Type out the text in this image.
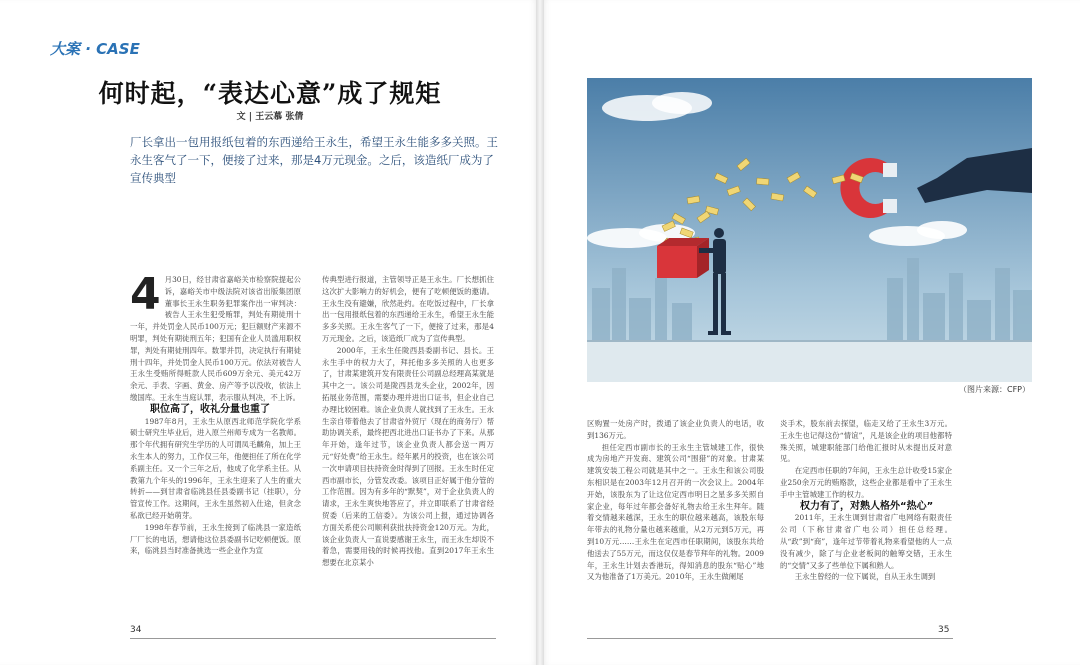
大案 · CASE
何时起，“表达心意”成了规矩
文 | 王云慕 张倩
厂长拿出一包用报纸包着的东西递给王永生，希望王永生能多多关照。王永生客气了一下，便接了过来，那是4万元现金。之后，该造纸厂成为了宣传典型
4 月30日，经甘肃省嘉峪关市检察院提起公诉，嘉峪关市中级法院对该省出版集团原董事长王永生职务犯罪案作出一审判决：被告人王永生犯受贿罪，判处有期徒刑十一年，并处罚金人民币100万元；犯巨额财产来源不明罪，判处有期徒刑五年；犯国有企业人员滥用职权罪，判处有期徒刑四年。数罪并罚，决定执行有期徒刑十四年，并处罚金人民币100万元。依法对被告人王永生受贿所得赃款人民币609万余元、美元42万余元、手表、字画、黄金、房产等予以没收，依法上缴国库。王永生当庭认罪，表示服从判决，不上诉。

职位高了，收礼分量也重了

1987年8月，王永生从原西北师范学院化学系硕士研究生毕业后，进入原兰州师专成为一名教师。那个年代拥有研究生学历的人可谓凤毛麟角，加上王永生本人的努力，工作仅三年，他便担任了所在化学系副主任。又一个三年之后，他成了化学系主任。从教第九个年头的1996年，王永生迎来了人生的重大转折——到甘肃省临洮县任县委副书记（挂职），分管宣传工作。这期间，王永生虽然初入仕途，但贪念私欲已经开始萌芽。

1998年春节前，王永生接到了临洮县一家造纸厂厂长的电话，想请他这位县委副书记吃顿便饭。原来，临洮县当时准备挑选一些企业作为宣

传典型进行报道，主管领导正是王永生。厂长想抓住这次扩大影响力的好机会，便有了吃顿便饭的邀请。王永生没有避嫌，欣然赴约。在吃饭过程中，厂长拿出一包用报纸包着的东西递给王永生，希望王永生能多多关照。王永生客气了一下，便接了过来，那是4万元现金。之后，该造纸厂成为了宣传典型。

2000年，王永生任陇西县委副书记、县长。王永生手中的权力大了，拜托他多多关照的人也更多了，甘肃某建筑开发有限责任公司副总经理高某就是其中之一。该公司是陇西县龙头企业，2002年，因拓展业务范围，需要办理并进出口证书，但企业自己办理比较困难。该企业负责人就找到了王永生。王永生亲自带着他去了甘肃省外贸厅（现在的商务厅）帮助协调关系，最终把西北进出口证书办了下来。从那年开始，逢年过节，该企业负责人都会送一两万元“好处费”给王永生。经年累月的投资，也在该公司一次申请项目扶持资金时得到了回报。王永生时任定西市副市长，分管发改委。该项目正好属于他分管的工作范围。因为有多年的“默契”，对于企业负责人的请求，王永生爽快地答应了，并立即联系了甘肃省经贸委（后来的工信委）。为该公司上报，通过协调各方面关系使公司顺利获批扶持资金120万元。为此，该企业负责人一直说要感谢王永生，而王永生却说不着急，需要用钱的时候再找他。直到2017年王永生想要在北京某小

34
（图片来源：CFP）

区购置一处房产时，拨通了该企业负责人的电话，收到136万元。

担任定西市副市长的王永生主管城建工作，很快成为房地产开发商、建筑公司“围猎”的对象。甘肃某建筑安装工程公司就是其中之一。王永生和该公司股东相识是在2003年12月召开的一次会议上。2004年开始，该股东为了让这位定西市明日之星多多关照自家企业，每年过年都会备好礼物去给王永生拜年。随着交情越来越深，王永生的职位越来越高，该股东每年带去的礼物分量也越来越重，从2万元到5万元，再到10万元……王永生在定西市任职期间，该股东共给他送去了55万元，而这仅仅是春节拜年的礼物。2009年，王永生计划去香港玩，得知消息的股东“贴心”地又为他准备了1万美元。2010年，王永生做阑尾

炎手术，股东前去探望，临走又给了王永生3万元。王永生也记得这份“情谊”，凡是该企业的项目他都特殊关照，城建职能部门给他汇报时从未提出反对意见。

在定西市任职的7年间，王永生总计收受15家企业250余万元的贿赂款，这些企业都是看中了王永生手中主管城建工作的权力。

权力有了，对熟人格外“热心”

2011年，王永生调到甘肃省广电网络有限责任公司（下称甘肃省广电公司）担任总经理。从“政”到“商”，逢年过节带着礼物来看望他的人一点没有减少，除了与企业老板间的触筹交错，王永生的“交情”又多了些单位下属和熟人。

王永生曾经的一位下属说，自从王永生调到

35
